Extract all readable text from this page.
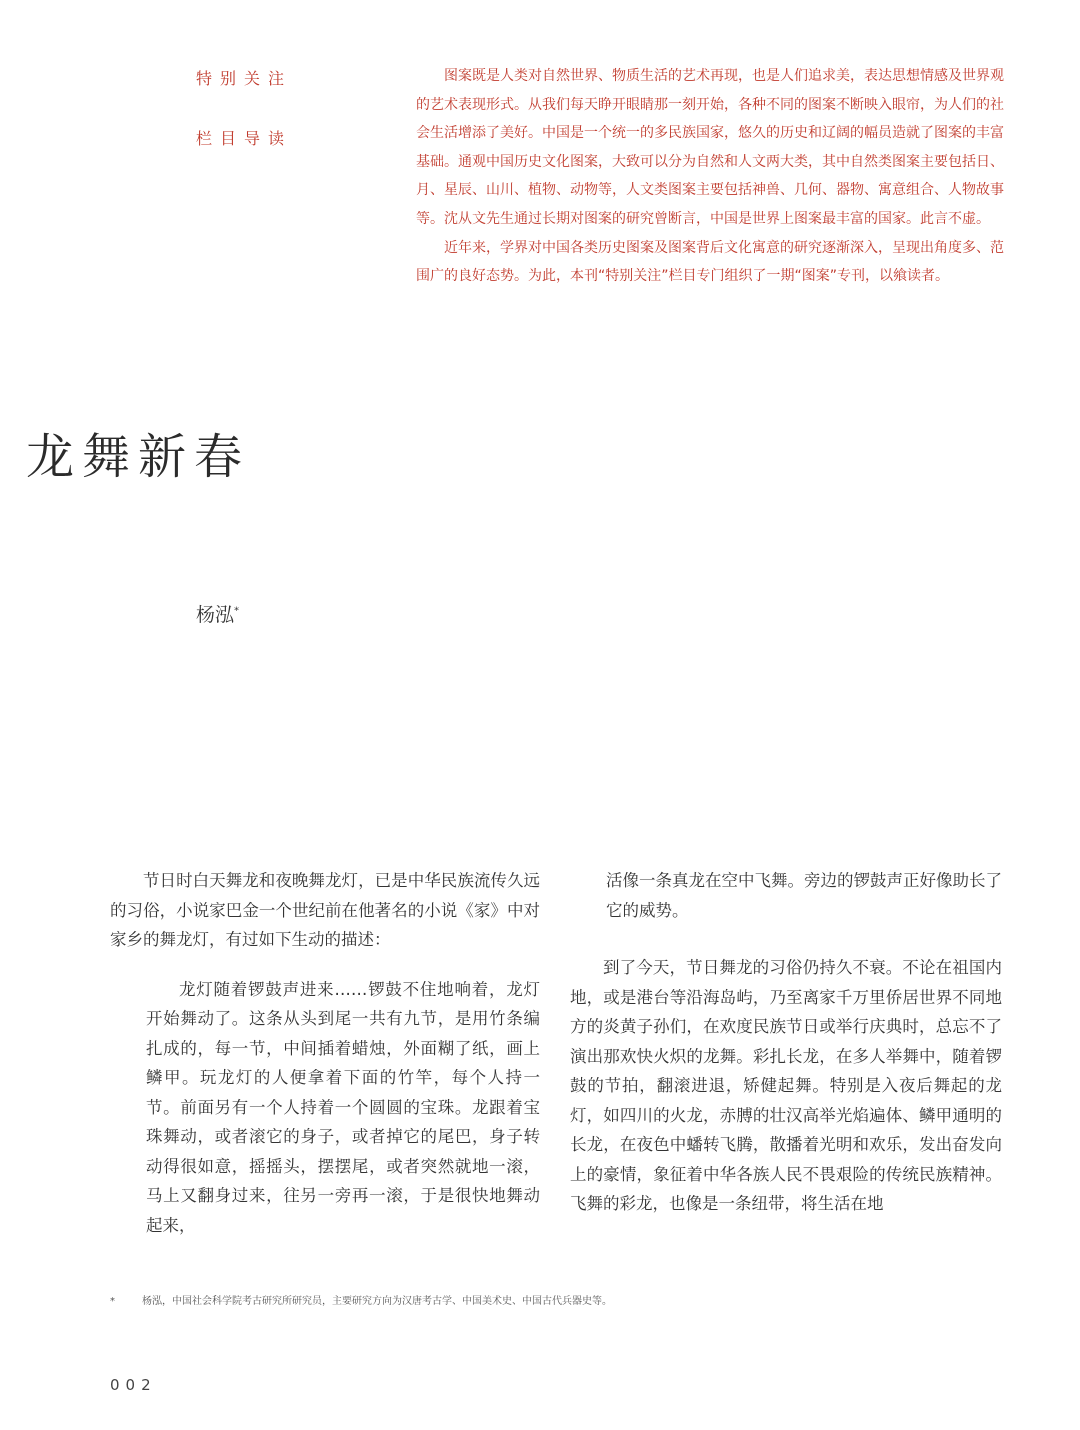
特别关注
栏目导读

图案既是人类对自然世界、物质生活的艺术再现，也是人们追求美，表达思想情感及世界观的艺术表现形式。从我们每天睁开眼睛那一刻开始，各种不同的图案不断映入眼帘，为人们的社会生活增添了美好。中国是一个统一的多民族国家，悠久的历史和辽阔的幅员造就了图案的丰富基础。通观中国历史文化图案，大致可以分为自然和人文两大类，其中自然类图案主要包括日、月、星辰、山川、植物、动物等，人文类图案主要包括神兽、几何、器物、寓意组合、人物故事等。沈从文先生通过长期对图案的研究曾断言，中国是世界上图案最丰富的国家。此言不虚。

近年来，学界对中国各类历史图案及图案背后文化寓意的研究逐渐深入，呈现出角度多、范围广的良好态势。为此，本刊“特别关注”栏目专门组织了一期“图案”专刊，以飨读者。

龙舞新春
杨泓*

节日时白天舞龙和夜晚舞龙灯，已是中华民族流传久远的习俗，小说家巴金一个世纪前在他著名的小说《家》中对家乡的舞龙灯，有过如下生动的描述：

龙灯随着锣鼓声进来……锣鼓不住地响着，龙灯开始舞动了。这条从头到尾一共有九节，是用竹条编扎成的，每一节，中间插着蜡烛，外面糊了纸，画上鳞甲。玩龙灯的人便拿着下面的竹竿，每个人持一节。前面另有一个人持着一个圆圆的宝珠。龙跟着宝珠舞动，或者滚它的身子，或者掉它的尾巴，身子转动得很如意，摇摇头，摆摆尾，或者突然就地一滚，马上又翻身过来，往另一旁再一滚，于是很快地舞动起来，

活像一条真龙在空中飞舞。旁边的锣鼓声正好像助长了它的威势。

到了今天，节日舞龙的习俗仍持久不衰。不论在祖国内地，或是港台等沿海岛屿，乃至离家千万里侨居世界不同地方的炎黄子孙们，在欢度民族节日或举行庆典时，总忘不了演出那欢快火炽的龙舞。彩扎长龙，在多人举舞中，随着锣鼓的节拍，翻滚进退，矫健起舞。特别是入夜后舞起的龙灯，如四川的火龙，赤膊的壮汉高举光焰遍体、鳞甲通明的长龙，在夜色中蟠转飞腾，散播着光明和欢乐，发出奋发向上的豪情，象征着中华各族人民不畏艰险的传统民族精神。飞舞的彩龙，也像是一条纽带，将生活在地

*	杨泓，中国社会科学院考古研究所研究员，主要研究方向为汉唐考古学、中国美术史、中国古代兵器史等。
002
